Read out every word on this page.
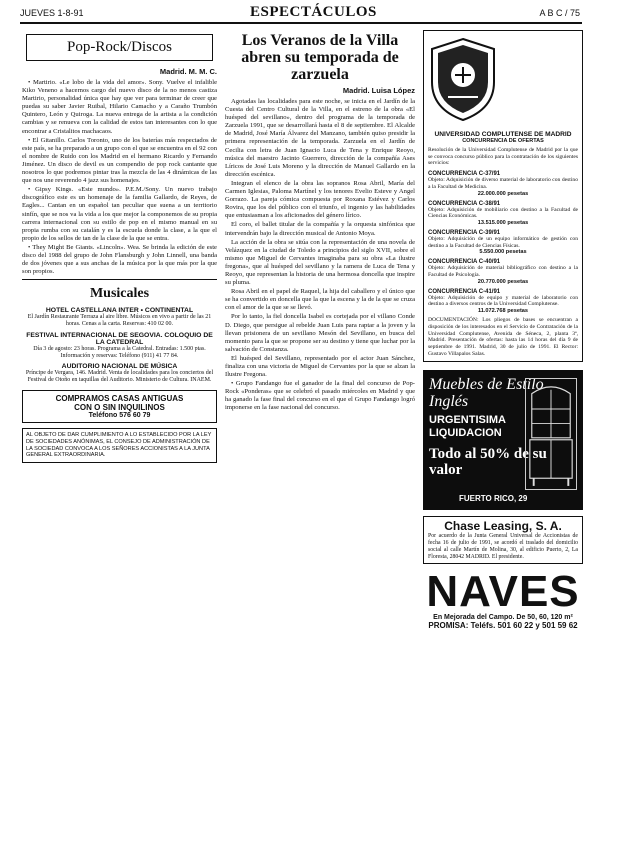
JUEVES 1-8-91	ESPECTÁCULOS	A B C / 75
Pop-Rock/Discos
Madrid. M. M. C.

• Martirio. «Le lobo de la vida del amor». Sony. Vuelve el infalible Kiko Veneno a hacernos cargo del nuevo disco de la no menos castiza Martirio, personalidad única que hay que ver para terminar de creer que puedas su saber Javier Ruibal, Hilario Camacho y a Caraño Trumbón Quintero, León y Quiroga. La nueva entrega de la artista a la condición cambias y se renueva con la calidad de estos tan interesantes con lo que encontrar a Cristalitos machacaos.

• El Gitanillo. Carlos Toronto, uno de los baterías más respectados de este país, se ha preparado a un grupo con el que se encuentra en el 92 con el nombre de Ruido con los Madrid en el hermano Ricardo y Fernando Jiménez. Un disco de devil es un compendio de pop rock cantante que nosotros lo que podremos pintar tras la mezcla de las 4 dinámicas de las que nos une reverendo 4 jazz sus homenajes.

• Gipsy Kings. «Este mundo». P.E.M./Sony. Un nuevo trabajo discográfico este es un homenaje de la familia Gallardo, de Reyes, de Eagles... Cantan en un español tan peculiar que suena a un territorio sinfín, que se nos va la vida a los que mejor la componemos de su propia carrera internacional con su estilo de pop en el mismo manual en su propia rumba con su catalán y es la escuela donde la clase, a la que el propio de los sellos de tan de la clase de la que se entra.

• They Might Be Giants. «Lincoln». Wea. Se brinda la edición de este disco del 1988 del grupo de John Flansburgh y John Linnell, una banda de dos jóvenes que a sus anchas de la música por la que más por la que son propios.

Musicales
HOTEL CASTELLANA INTER • CONTINENTAL
El Jardín Restaurante Terraza al aire libre. Músicos en vivo a partir de las 21 horas. Cenas a la carta. Reservas: 410 02 00.
FESTIVAL INTERNACIONAL DE SEGOVIA. COLOQUIO DE LA CATEDRAL
Día 3 de agosto: 23 horas. Programa a la Catedral. Entradas: 1.500 ptas. Información y reservas: Teléfono (911) 41 77 84.
AUDITORIO NACIONAL DE MÚSICA
Príncipe de Vergara, 146. Madrid. Venta de localidades para los conciertos del Festival de Otoño en taquillas del Auditorio. Ministerio de Cultura. INAEM.
COMPRAMOS CASAS ANTIGUAS
CON O SIN INQUILINOS
Teléfono 576 60 79
AL OBJETO DE DAR CUMPLIMIENTO A LO ESTABLECIDO POR LA LEY DE SOCIEDADES ANÓNIMAS, EL CONSEJO DE ADMINISTRACIÓN DE LA SOCIEDAD CONVOCA A LOS SEÑORES ACCIONISTAS A LA JUNTA GENERAL EXTRAORDINARIA.
Los Veranos de la Villa abren su temporada de zarzuela
Madrid. Luisa López

Agotadas las localidades para este noche, se inicia en el Jardín de la Cuesta del Centro Cultural de la Villa, en el estreno de la obra «El huésped del sevillano», dentro del programa de la temporada de Zarzuela 1991, que se desarrollará hasta el 8 de septiembre. El Alcalde de Madrid, José María Álvarez del Manzano, también quiso presidir la primera representación de la temporada. Zarzuela en el Jardín de Cecilia con letra de Juan Ignacio Luca de Tena y Enrique Reoyo, música del maestro Jacinto Guerrero, dirección de la compañía Ases Líricos de José Luis Moreno y la dirección de Manuel Gallardo en la dirección escénica.

Integran el elenco de la obra las sopranos Rosa Abril, María del Carmen Iglesias, Paloma Martínel y los tenores Evelio Esteve y Angel Gorrazo. La pareja cómica compuesta por Roxana Estévez y Carlos Rovira, que los del público con el triunfo, el ingenio y las habilidades que entusiasman a los aficionados del género lírico.

El coro, el ballet titular de la compañía y la orquesta sinfónica que intervendrán bajo la dirección musical de Antonio Moya.

La acción de la obra se sitúa con la representación de una novela de Velázquez en la ciudad de Toledo a principios del siglo XVII, sobre el mismo que Miguel de Cervantes imaginaba para su obra «La ilustre fregona», que al huésped del sevillano y la ramera de Luca de Tena y Reoyo, que representan la historia de una hermosa doncella que inspire su pluma.

Rosa Abril en el papel de Raquel, la hija del caballero y el único que se ha convertido en doncella que la que la escena y la de la que se cruza con el amor de la que se se llevó.

Por lo tanto, la fiel doncella Isabel es cortejada por el villano Conde D. Diego, que persigue al rebelde Juan Luis para raptar a la joven y la llevan prisionera de un sevillano Mesón del Sevillano, en busca del momento para la que se propone ser su destino y tiene que luchar por la salvación de Constanza.

El huésped del Sevillano, representado por el actor Juan Sánchez, finaliza con una victoria de Miguel de Cervantes por la que se alzan la Ilustre Fregona.

• Grupo Fandango fue el ganador de la final del concurso de Pop-Rock «Ponderas» que se celebró el pasado miércoles en Madrid y que ha ganado la fase final del concurso en el que el Grupo Fandango logró imponerse en la fase nacional del concurso.

UNIVERSIDAD COMPLUTENSE DE MADRID
CONCURRENCIA DE OFERTAS
Resolución de la Universidad Complutense de Madrid por la que se convoca concurso público para la contratación de los siguientes servicios:
CONCURRENCIA C-37/91
Objeto: Adquisición de diverso material de laboratorio con destino a la Facultad de Medicina.
22.000.000 pesetas
CONCURRENCIA C-38/91
Objeto: Adquisición de mobiliario con destino a la Facultad de Ciencias Económicas.
13.515.000 pesetas
CONCURRENCIA C-39/91
Objeto: Adquisición de un equipo informático de gestión con destino a la Facultad de Ciencias Físicas.
5.550.000 pesetas
CONCURRENCIA C-40/91
Objeto: Adquisición de material bibliográfico con destino a la Facultad de Psicología.
20.770.000 pesetas
CONCURRENCIA C-41/91
Objeto: Adquisición de equipo y material de laboratorio con destino a diversos centros de la Universidad Complutense.
11.072.768 pesetas
DOCUMENTACIÓN: Los pliegos de bases se encuentran a disposición de los interesados en el Servicio de Contratación de la Universidad Complutense, Avenida de Séneca, 2, planta 3ª, Madrid. Presentación de ofertas: hasta las 14 horas del día 9 de septiembre de 1991. Madrid, 30 de julio de 1991. El Rector: Gustavo Villapalos Salas.
Muebles de Estilo Inglés
URGENTISIMA
LIQUIDACION
Todo al 50% de su valor
FUERTO RICO, 29
Chase Leasing, S. A.
Por acuerdo de la Junta General Universal de Accionistas de fecha 16 de julio de 1991, se acordó el traslado del domicilio social al calle Martín de Molina, 30, al edificio Puerto, 2, La Floresta, 28042 MADRID. El presidente.
NAVES
En Mejorada del Campo. De 50, 60, 120 m²
PROMISA: Teléfs. 501 60 22 y 501 59 62
